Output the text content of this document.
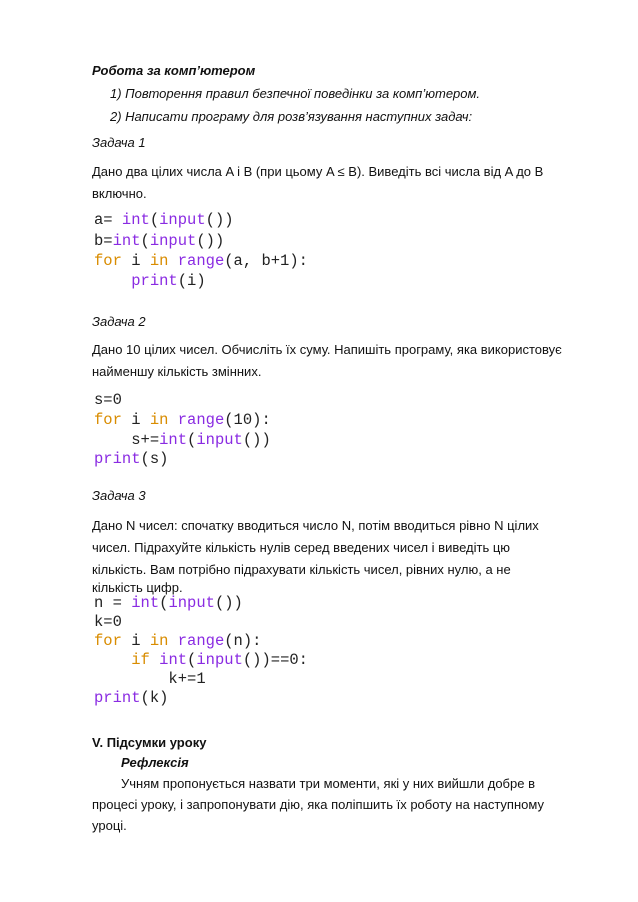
Робота за комп’ютером

1) Повторення правил безпечної поведінки за комп’ютером.

2) Написати програму для розв’язування наступних задач:

Задача 1

Дано два цілих числа A і B (при цьому A ≤ B). Виведіть всі числа від A до B

включно.

a= int(input())
b=int(input())
for i in range(a, b+1):
print(i)

Задача 2

Дано 10 цілих чисел. Обчисліть їх суму. Напишіть програму, яка використовує

найменшу кількість змінних.

s=0
for i in range(10):
s+=int(input())
print(s)

Задача 3

Дано N чисел: спочатку вводиться число N, потім вводиться рівно N цілих

чисел. Підрахуйте кількість нулів серед введених чисел і виведіть цю

кількість. Вам потрібно підрахувати кількість чисел, рівних нулю, а не

кількість цифр.

n = int(input())
k=0
for i in range(n):
if int(input())==0:
k+=1
print(k)

V. Підсумки уроку

Рефлексія

Учням пропонується назвати три моменти, які у них вийшли добре в

процесі уроку, і запропонувати дію, яка поліпшить їх роботу на наступному

уроці.
